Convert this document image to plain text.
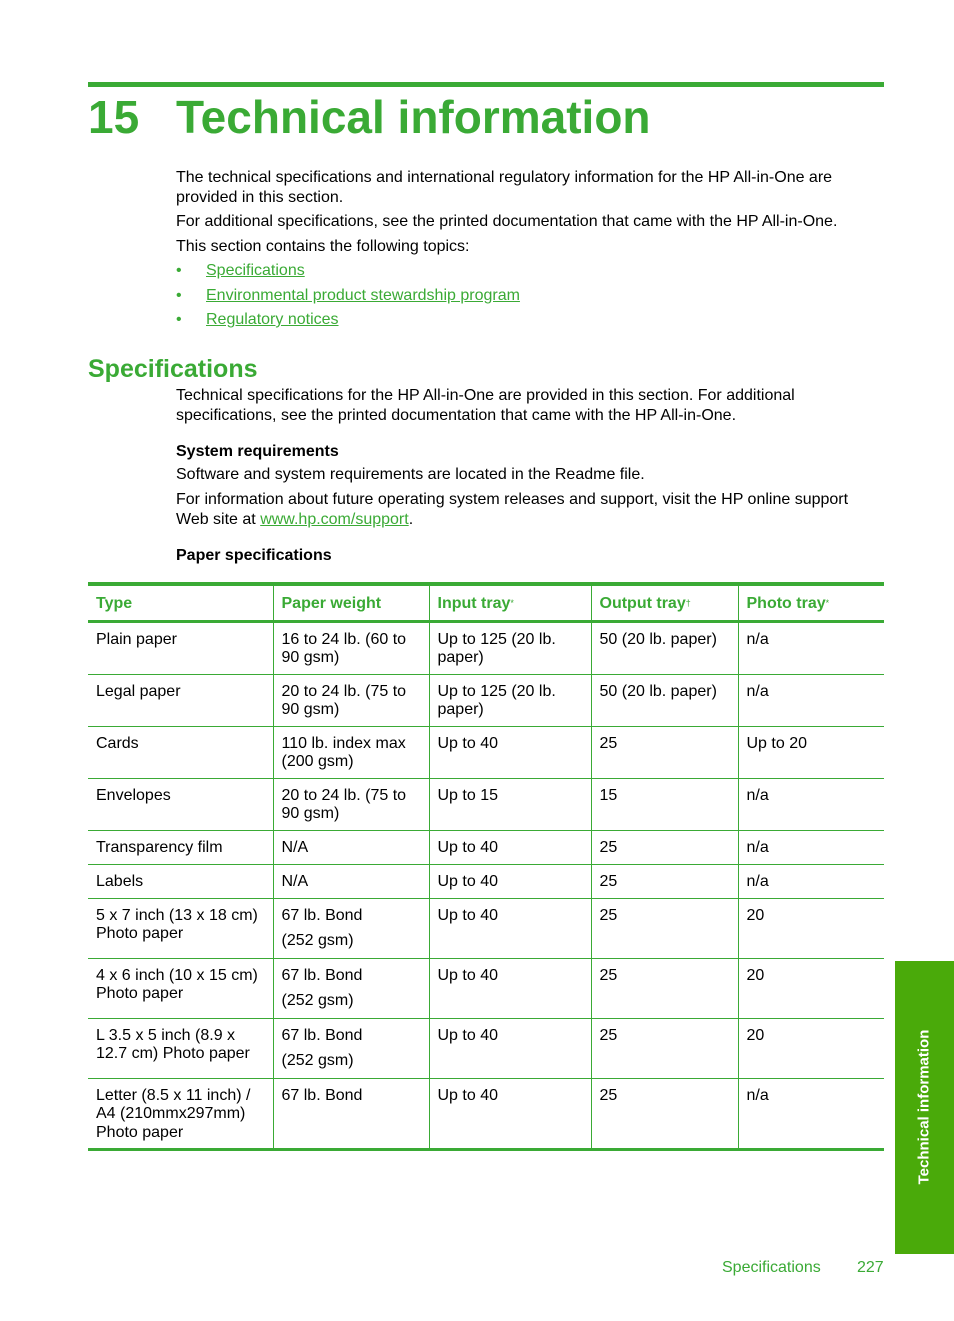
15 Technical information

The technical specifications and international regulatory information for the HP All-in-One are provided in this section.

For additional specifications, see the printed documentation that came with the HP All-in-One.

This section contains the following topics:

• Specifications
• Environmental product stewardship program
• Regulatory notices
Specifications

Technical specifications for the HP All-in-One are provided in this section. For additional specifications, see the printed documentation that came with the HP All-in-One.

System requirements

Software and system requirements are located in the Readme file.

For information about future operating system releases and support, visit the HP online support Web site at www.hp.com/support.

Paper specifications

Type	Paper weight	Input tray*	Output tray†	Photo tray*
Plain paper	16 to 24 lb. (60 to 90 gsm)	Up to 125 (20 lb. paper)	50 (20 lb. paper)	n/a
Legal paper	20 to 24 lb. (75 to 90 gsm)	Up to 125 (20 lb. paper)	50 (20 lb. paper)	n/a
Cards	110 lb. index max (200 gsm)	Up to 40	25	Up to 20
Envelopes	20 to 24 lb. (75 to 90 gsm)	Up to 15	15	n/a
Transparency film	N/A	Up to 40	25	n/a
Labels	N/A	Up to 40	25	n/a
5 x 7 inch (13 x 18 cm) Photo paper	67 lb. Bond
(252 gsm)	Up to 40	25	20
4 x 6 inch (10 x 15 cm) Photo paper	67 lb. Bond
(252 gsm)	Up to 40	25	20
L 3.5 x 5 inch (8.9 x 12.7 cm) Photo paper	67 lb. Bond
(252 gsm)	Up to 40	25	20
Letter (8.5 x 11 inch) / A4 (210mmx297mm) Photo paper	67 lb. Bond	Up to 40	25	n/a	Technical information
Specifications 227
